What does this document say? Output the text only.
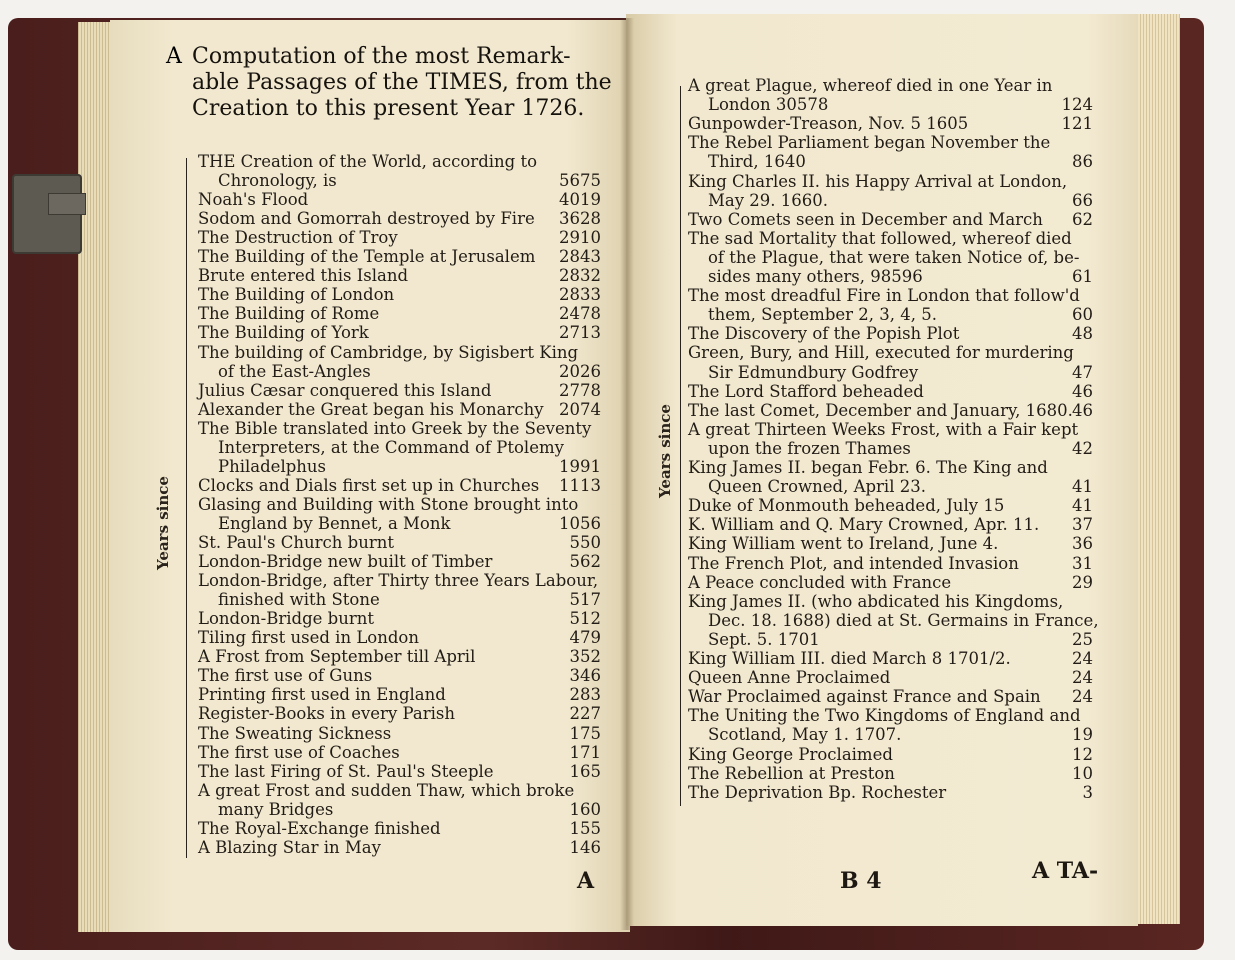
A Computation of the most Remark-
able Passages of the TIMES, from the
Creation to this present Year 1726.
THE Creation of the World, according to
Chronology, is	5675
Noah's Flood	4019
Sodom and Gomorrah destroyed by Fire 3628
The Destruction of Troy	2910
The Building of the Temple at Jerusalem 2843
Brute entered this Island	2832
The Building of London	2833
The Building of Rome	2478
The Building of York	2713
The building of Cambridge, by Sigisbert King
of the East-Angles	2026
Julius Cæsar conquered this Island	2778
Alexander the Great began his Monarchy 2074
The Bible translated into Greek by the Seventy
Interpreters, at the Command of Ptolemy
Philadelphus	1991
Clocks and Dials first set up in Churches 1113
Glasing and Building with Stone brought into
England by Bennet, a Monk	1056
St. Paul's Church burnt	550
London-Bridge new built of Timber	562
London-Bridge, after Thirty three Years Labour,
finished with Stone	517
London-Bridge burnt	512
Tiling first used in London	479
A Frost from September till April	352
The first use of Guns	346
Printing first used in England	283
Register-Books in every Parish	227
The Sweating Sickness	175
The first use of Coaches	171
The last Firing of St. Paul's Steeple	165
A great Frost and sudden Thaw, which broke
many Bridges	160
The Royal-Exchange finished	155
A Blazing Star in May	146
Years since
A
A great Plague, whereof died in one Year in
London 30578	124
Gunpowder-Treason, Nov. 5 1605	121
The Rebel Parliament began November the
Third, 1640	86
King Charles II. his Happy Arrival at London,
May 29. 1660.	66
Two Comets seen in December and March 62
The sad Mortality that followed, whereof died
of the Plague, that were taken Notice of, be-
sides many others, 98596	61
The most dreadful Fire in London that follow'd
them, September 2, 3, 4, 5.	60
The Discovery of the Popish Plot	48
Green, Bury, and Hill, executed for murdering
Sir Edmundbury Godfrey	47
The Lord Stafford beheaded	46
The last Comet, December and January, 1680. 46
A great Thirteen Weeks Frost, with a Fair kept
upon the frozen Thames	42
King James II. began Febr. 6. The King and
Queen Crowned, April 23.	41
Duke of Monmouth beheaded, July 15	41
K. William and Q. Mary Crowned, Apr. 11. 37
King William went to Ireland, June 4.	36
The French Plot, and intended Invasion	31
A Peace concluded with France	29
King James II. (who abdicated his Kingdoms,
Dec. 18. 1688) died at St. Germains in France,
Sept. 5. 1701	25
King William III. died March 8 1701/2.	24
Queen Anne Proclaimed	24
War Proclaimed against France and Spain 24
The Uniting the Two Kingdoms of England and
Scotland, May 1. 1707.	19
King George Proclaimed	12
The Rebellion at Preston	10
The Deprivation Bp. Rochester	3
Years since
B 4	A TA-
